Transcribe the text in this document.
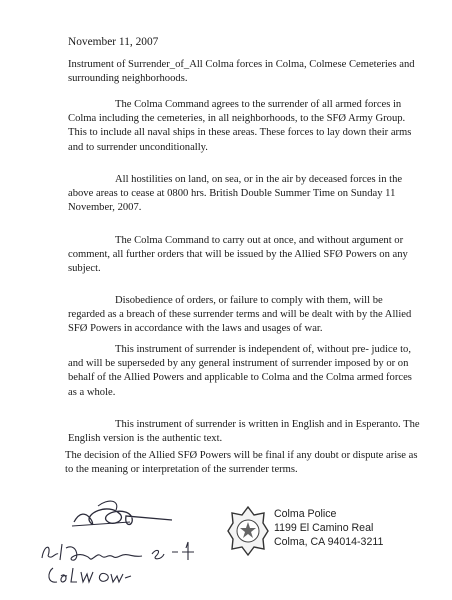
November 11, 2007
Instrument of Surrender_of_All Colma forces in Colma, Colmese Cemeteries and surrounding neighborhoods.

The Colma Command agrees to the surrender of all armed forces in Colma including the cemeteries, in all neighborhoods, to the SFØ Army Group. This to include all naval ships in these areas. These forces to lay down their arms and to surrender unconditionally.

All hostilities on land, on sea, or in the air by deceased forces in the above areas to cease at 0800 hrs. British Double Summer Time on Sunday 11 November, 2007.

The Colma Command to carry out at once, and without argument or comment, all further orders that will be issued by the Allied SFØ Powers on any subject.

Disobedience of orders, or failure to comply with them, will be regarded as a breach of these surrender terms and will be dealt with by the Allied SFØ Powers in accordance with the laws and usages of war.

This instrument of surrender is independent of, without pre- judice to, and will be superseded by any general instrument of surrender imposed by or on behalf of the Allied Powers and applicable to Colma and the Colma armed forces as a whole.

This instrument of surrender is written in English and in Esperanto. The English version is the authentic text.

The decision of the Allied SFØ Powers will be final if any doubt or dispute arise as to the meaning or interpretation of the surrender terms.

Colma Police
1199 El Camino Real
Colma, CA 94014-3211
